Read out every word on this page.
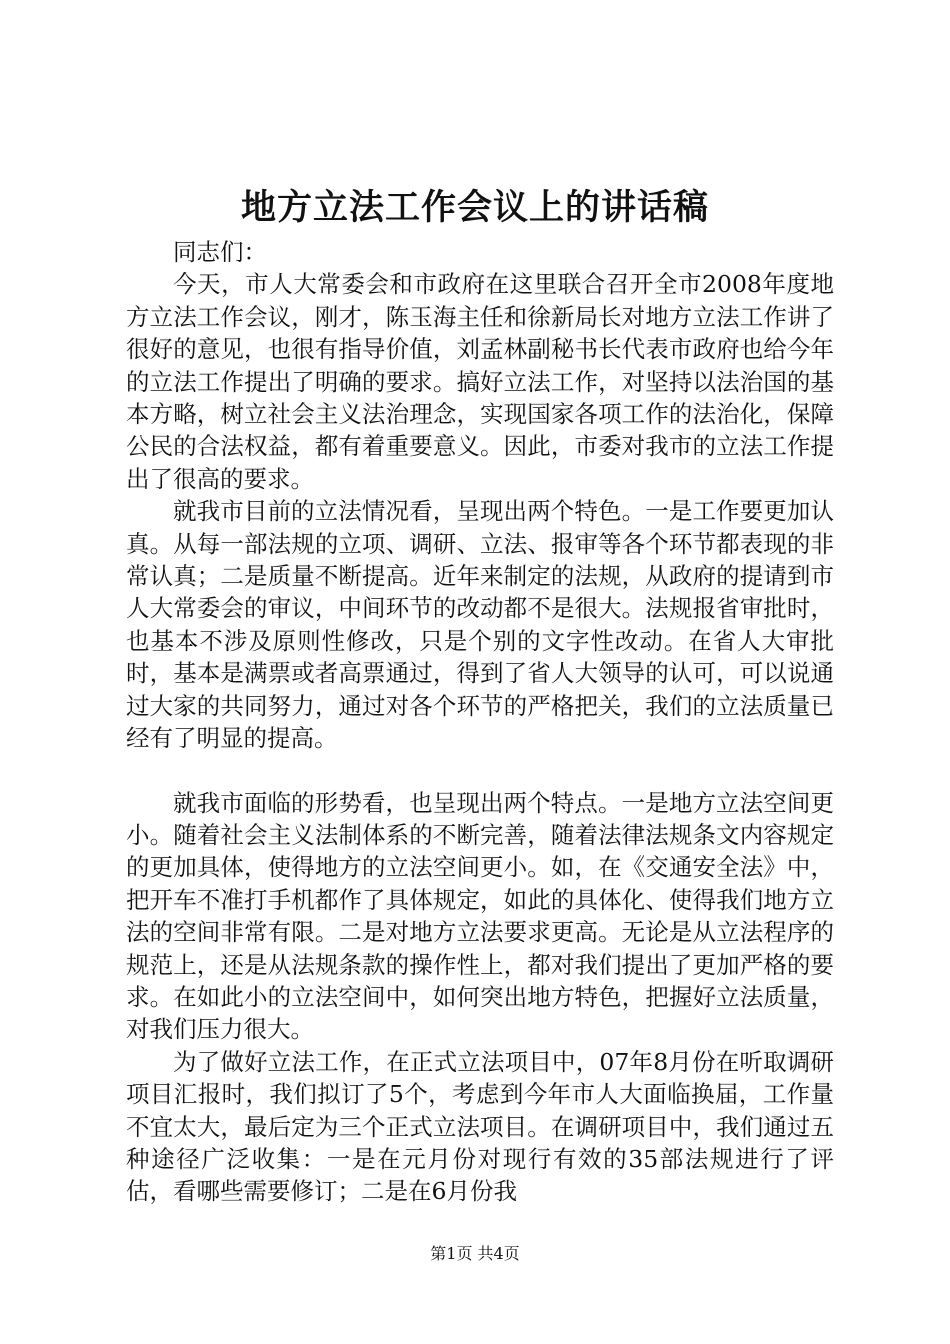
地方立法工作会议上的讲话稿

同志们：

今天，市人大常委会和市政府在这里联合召开全市2008年度地方立法工作会议，刚才，陈玉海主任和徐新局长对地方立法工作讲了很好的意见，也很有指导价值，刘孟林副秘书长代表市政府也给今年的立法工作提出了明确的要求。搞好立法工作，对坚持以法治国的基本方略，树立社会主义法治理念，实现国家各项工作的法治化，保障公民的合法权益，都有着重要意义。因此，市委对我市的立法工作提出了很高的要求。

就我市目前的立法情况看，呈现出两个特色。一是工作要更加认真。从每一部法规的立项、调研、立法、报审等各个环节都表现的非常认真；二是质量不断提高。近年来制定的法规，从政府的提请到市人大常委会的审议，中间环节的改动都不是很大。法规报省审批时，也基本不涉及原则性修改，只是个别的文字性改动。在省人大审批时，基本是满票或者高票通过，得到了省人大领导的认可，可以说通过大家的共同努力，通过对各个环节的严格把关，我们的立法质量已经有了明显的提高。

就我市面临的形势看，也呈现出两个特点。一是地方立法空间更小。随着社会主义法制体系的不断完善，随着法律法规条文内容规定的更加具体，使得地方的立法空间更小。如，在《交通安全法》中，把开车不准打手机都作了具体规定，如此的具体化、使得我们地方立法的空间非常有限。二是对地方立法要求更高。无论是从立法程序的规范上，还是从法规条款的操作性上，都对我们提出了更加严格的要求。在如此小的立法空间中，如何突出地方特色，把握好立法质量，对我们压力很大。

为了做好立法工作，在正式立法项目中，07年8月份在听取调研项目汇报时，我们拟订了5个，考虑到今年市人大面临换届，工作量不宜太大，最后定为三个正式立法项目。在调研项目中，我们通过五种途径广泛收集：一是在元月份对现行有效的35部法规进行了评估，看哪些需要修订；二是在6月份我

第1页 共4页
